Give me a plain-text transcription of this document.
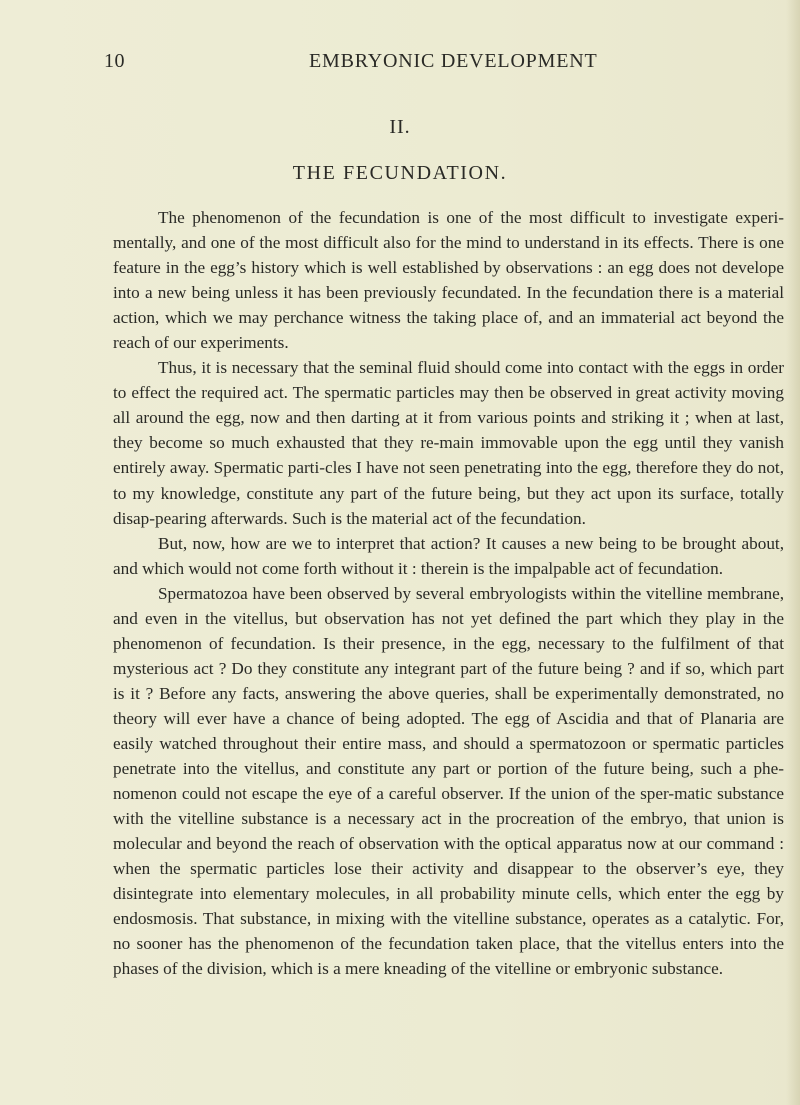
10	EMBRYONIC DEVELOPMENT
II.
THE FECUNDATION.

The phenomenon of the fecundation is one of the most difficult to investigate experi-mentally, and one of the most difficult also for the mind to understand in its effects. There is one feature in the egg’s history which is well established by observations : an egg does not develope into a new being unless it has been previously fecundated. In the fecundation there is a material action, which we may perchance witness the taking place of, and an immaterial act beyond the reach of our experiments.

Thus, it is necessary that the seminal fluid should come into contact with the eggs in order to effect the required act. The spermatic particles may then be observed in great activity moving all around the egg, now and then darting at it from various points and striking it ; when at last, they become so much exhausted that they re-main immovable upon the egg until they vanish entirely away. Spermatic parti-cles I have not seen penetrating into the egg, therefore they do not, to my knowledge, constitute any part of the future being, but they act upon its surface, totally disap-pearing afterwards. Such is the material act of the fecundation.

But, now, how are we to interpret that action? It causes a new being to be brought about, and which would not come forth without it : therein is the impalpable act of fecundation.

Spermatozoa have been observed by several embryologists within the vitelline membrane, and even in the vitellus, but observation has not yet defined the part which they play in the phenomenon of fecundation. Is their presence, in the egg, necessary to the fulfilment of that mysterious act ? Do they constitute any integrant part of the future being ? and if so, which part is it ? Before any facts, answering the above queries, shall be experimentally demonstrated, no theory will ever have a chance of being adopted. The egg of Ascidia and that of Planaria are easily watched throughout their entire mass, and should a spermatozoon or spermatic particles penetrate into the vitellus, and constitute any part or portion of the future being, such a phe-nomenon could not escape the eye of a careful observer. If the union of the sper-matic substance with the vitelline substance is a necessary act in the procreation of the embryo, that union is molecular and beyond the reach of observation with the optical apparatus now at our command : when the spermatic particles lose their activity and disappear to the observer’s eye, they disintegrate into elementary molecules, in all probability minute cells, which enter the egg by endosmosis. That substance, in mixing with the vitelline substance, operates as a catalytic. For, no sooner has the phenomenon of the fecundation taken place, that the vitellus enters into the phases of the division, which is a mere kneading of the vitelline or embryonic substance.
